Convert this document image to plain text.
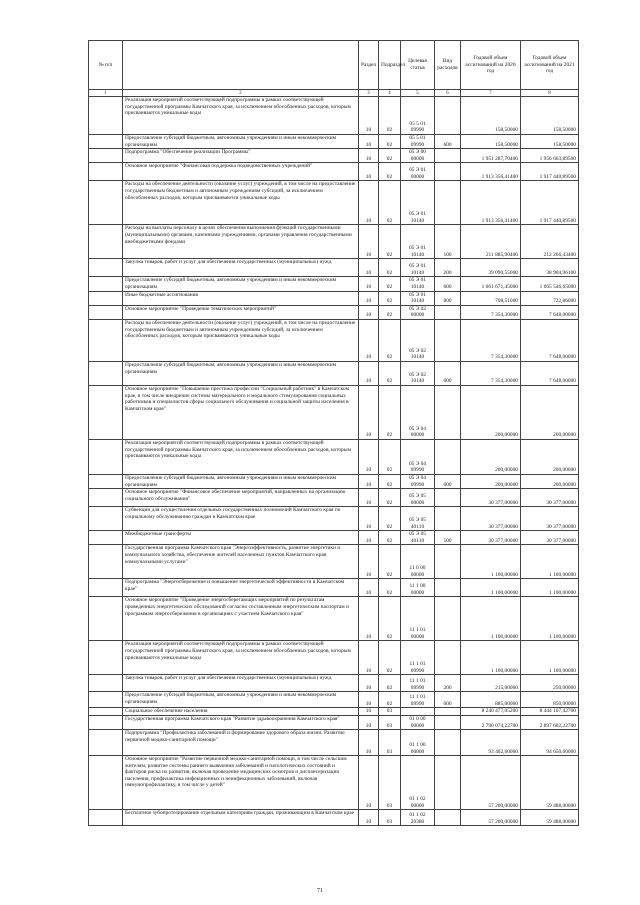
№ п/п		Раздел	Подраздел	Целевая статья	Вид расходов	Годовой объем ассигнований на 2020 год	Годовой объем ассигнований на 2021 год
1	2	3	4	5	6	7	8
	Реализация мероприятий соответствующей подпрограммы в рамках соответствующей государственной программы Камчатского края, за исключением обособленных расходов, которым присваиваются уникальные коды	10	02	05 5 01 09990		158,50000	158,50000
	Предоставление субсидий бюджетным, автономным учреждениям и иным некоммерческим организациям	10	02	05 5 01 09990	600	158,50000	158,50000
	Подпрограмма "Обеспечение реализации Программы"	10	02	05 Э 00 00000		1 951 287,70400	1 956 663,89500
	Основное мероприятие "Финансовая поддержка подведомственных учреждений"	10	02	05 Э 01 00000		1 913 356,41400	1 917 440,89500
	Расходы на обеспечение деятельности (оказание услуг) учреждений, в том числе на предоставление государственным бюджетным и автономным учреждениям субсидий, за исключением обособленных расходов, которым присваиваются уникальные коды	10	02	05 Э 01 10140		1 913 356,41400	1 917 440,89500
	Расходы на выплаты персоналу в целях обеспечения выполнения функций государственными (муниципальными) органами, казенными учреждениями, органами управления государственными внебюджетными фондами	10	02	05 Э 01 10140	100	211 885,90400	212 266,43400
	Закупка товаров, работ и услуг для обеспечения государственных (муниципальных) нужд	10	02	05 Э 01 10140	200	39 090,55000	38 904,96100
	Предоставление субсидий бюджетным, автономным учреждениям и иным некоммерческим организациям	10	02	05 Э 01 10140	600	1 661 671,45000	1 665 546,65000
	Иные бюджетные ассигнования	10	02	05 Э 01 10140	800	708,51000	722,86000
	Основное мероприятие "Проведение тематических мероприятий"	10	02	05 Э 02 00000		7 354,30000	7 648,00000
	Расходы на обеспечение деятельности (оказание услуг) учреждений, в том числе на предоставление государственным бюджетным и автономным учреждениям субсидий, за исключением обособленных расходов, которым присваиваются уникальные коды	10	02	05 Э 02 10140		7 354,30000	7 648,00000
	Предоставление субсидий бюджетным, автономным учреждениям и иным некоммерческим организациям	10	02	05 Э 02 10140	600	7 354,30000	7 648,00000
	Основное мероприятие "Повышение престижа профессии "Социальный работник" в Камчатском крае, в том числе внедрение системы материального и морального стимулирования социальных работников и специалистов сферы социального обслуживания и социальной защиты населения в Камчатском крае"	10	02	05 Э 04 00000		200,00000	200,00000
	Реализация мероприятий соответствующей подпрограммы в рамках соответствующей государственной программы Камчатского края, за исключением обособленных расходов, которым присваиваются уникальные коды	10	02	05 Э 04 09990		200,00000	200,00000
	Предоставление субсидий бюджетным, автономным учреждениям и иным некоммерческим организациям	10	02	05 Э 04 09990	600	200,00000	200,00000
	Основное мероприятие "Финансовое обеспечение мероприятий, направленных на организацию социального обслуживания"	10	02	05 Э 05 00000		30 377,00000	30 377,00000
	Субвенции для осуществления отдельных государственных полномочий Камчатского края по социальному обслуживанию граждан в Камчатском крае	10	02	05 Э 05 40110		30 377,00000	30 377,00000
	Межбюджетные трансферты	10	02	05 Э 05 40110	500	30 377,00000	30 377,00000
	Государственная программа Камчатского края "Энергоэффективность, развитие энергетики и коммунального хозяйства, обеспечение жителей населенных пунктов Камчатского края коммунальными услугами"	10	02	11 0 00 00000		1 100,00000	1 100,00000
	Подпрограмма "Энергосбережение и повышение энергетической эффективности в Камчатском крае"	10	02	11 1 00 00000		1 100,00000	1 100,00000
	Основное мероприятие "Проведение энергосберегающих мероприятий по результатам проведенных энергетических обследований согласно составленным энергетическим паспортам и программам энергосбережения в организациях с участием Камчатского края"	10	02	11 1 01 00000		1 100,00000	1 100,00000
	Реализация мероприятий соответствующей подпрограммы в рамках соответствующей государственной программы Камчатского края, за исключением обособленных расходов, которым присваиваются уникальные коды	10	02	11 1 01 09990		1 100,00000	1 100,00000
	Закупка товаров, работ и услуг для обеспечения государственных (муниципальных) нужд	10	02	11 1 01 09990	200	215,00000	250,00000
	Предоставление субсидий бюджетным, автономным учреждениям и иным некоммерческим организациям	10	02	11 1 01 09990	600	885,00000	850,00000
	Социальное обеспечение населения	10	03			8 240 477,05200	8 444 107,42700
	Государственная программа Камчатского края "Развитие здравоохранения Камчатского края"	10	03	01 0 00 00000		2 790 074,22700	2 897 602,22700
	Подпрограмма "Профилактика заболеваний и формирование здорового образа жизни. Развитие первичной медико-санитарной помощи"	10	03	01 1 00 00000		93 402,60000	94 650,60000
	Основное мероприятие "Развитие первичной медико-санитарной помощи, в том числе сельским жителям, развитие системы раннего выявления заболеваний и патологических состояний и факторов риска их развития, включая проведение медицинских осмотров и диспансеризации населения, профилактика инфекционных и неинфекционных заболеваний, включая иммунопрофилактику, в том числе у детей"	10	03	01 1 02 00000		57 200,00000	59 488,00000
	Бесплатное зубопротезирование отдельным категориям граждан, проживающим в Камчатском крае	10	03	01 1 02 26380		57 200,00000	59 488,00000
71
